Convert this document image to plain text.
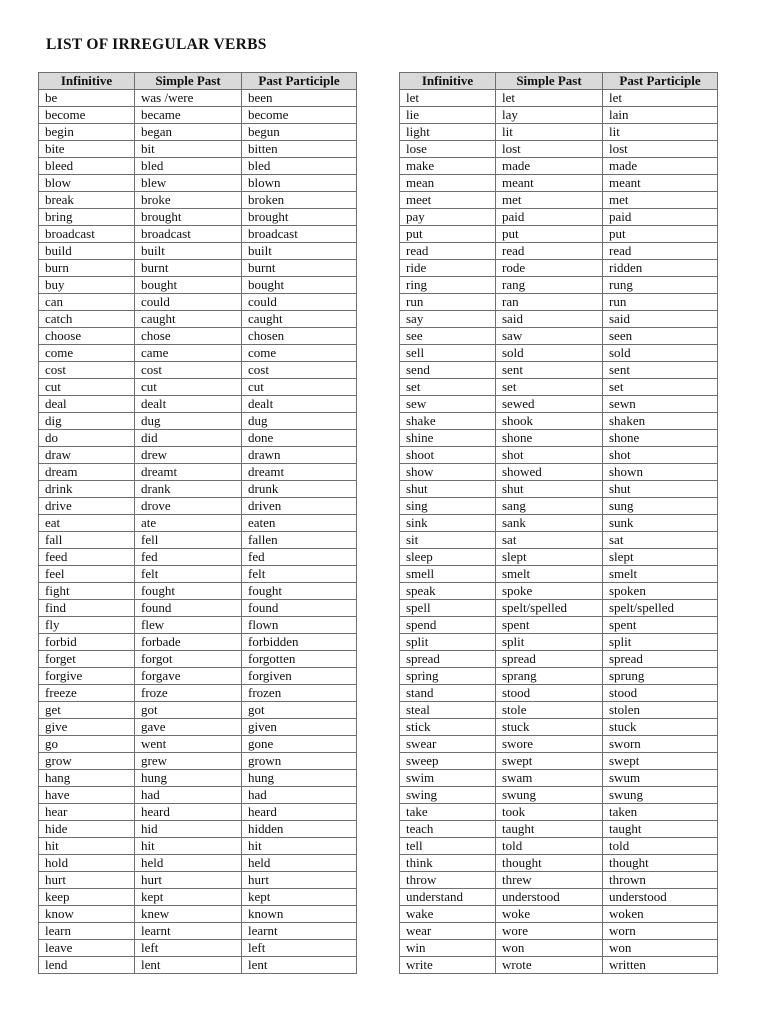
LIST OF IRREGULAR VERBS
Infinitive	Simple Past	Past Participle
be	was /were	been
become	became	become
begin	began	begun
bite	bit	bitten
bleed	bled	bled
blow	blew	blown
break	broke	broken
bring	brought	brought
broadcast	broadcast	broadcast
build	built	built
burn	burnt	burnt
buy	bought	bought
can	could	could
catch	caught	caught
choose	chose	chosen
come	came	come
cost	cost	cost
cut	cut	cut
deal	dealt	dealt
dig	dug	dug
do	did	done
draw	drew	drawn
dream	dreamt	dreamt
drink	drank	drunk
drive	drove	driven
eat	ate	eaten
fall	fell	fallen
feed	fed	fed
feel	felt	felt
fight	fought	fought
find	found	found
fly	flew	flown
forbid	forbade	forbidden
forget	forgot	forgotten
forgive	forgave	forgiven
freeze	froze	frozen
get	got	got
give	gave	given
go	went	gone
grow	grew	grown
hang	hung	hung
have	had	had
hear	heard	heard
hide	hid	hidden
hit	hit	hit
hold	held	held
hurt	hurt	hurt
keep	kept	kept
know	knew	known
learn	learnt	learnt
leave	left	left
lend	lent	lent
Infinitive	Simple Past	Past Participle
let	let	let
lie	lay	lain
light	lit	lit
lose	lost	lost
make	made	made
mean	meant	meant
meet	met	met
pay	paid	paid
put	put	put
read	read	read
ride	rode	ridden
ring	rang	rung
run	ran	run
say	said	said
see	saw	seen
sell	sold	sold
send	sent	sent
set	set	set
sew	sewed	sewn
shake	shook	shaken
shine	shone	shone
shoot	shot	shot
show	showed	shown
shut	shut	shut
sing	sang	sung
sink	sank	sunk
sit	sat	sat
sleep	slept	slept
smell	smelt	smelt
speak	spoke	spoken
spell	spelt/spelled	spelt/spelled
spend	spent	spent
split	split	split
spread	spread	spread
spring	sprang	sprung
stand	stood	stood
steal	stole	stolen
stick	stuck	stuck
swear	swore	sworn
sweep	swept	swept
swim	swam	swum
swing	swung	swung
take	took	taken
teach	taught	taught
tell	told	told
think	thought	thought
throw	threw	thrown
understand	understood	understood
wake	woke	woken
wear	wore	worn
win	won	won
write	wrote	written
